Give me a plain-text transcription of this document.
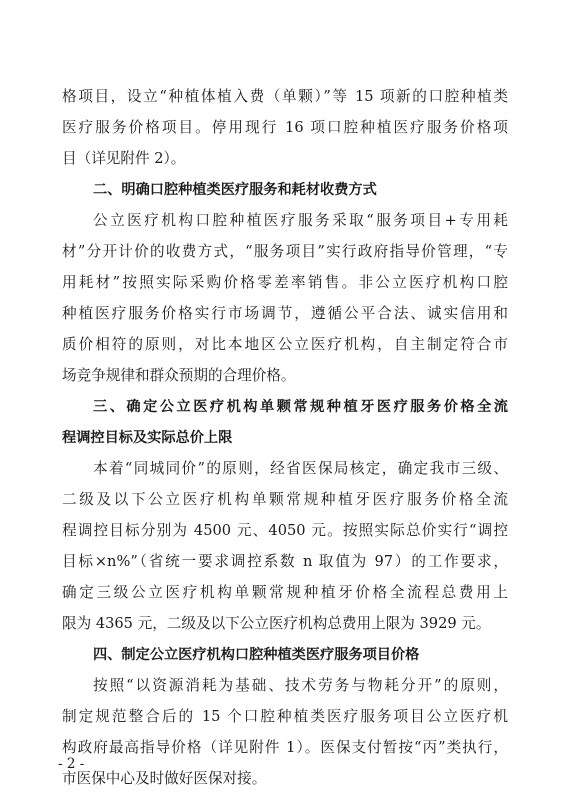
格项目，设立“种植体植入费（单颗）”等 15 项新的口腔种植类
医疗服务价格项目。停用现行 16 项口腔种植医疗服务价格项
目（详见附件 2）。
二、明确口腔种植类医疗服务和耗材收费方式
公立医疗机构口腔种植医疗服务采取“服务项目+专用耗
材”分开计价的收费方式，“服务项目”实行政府指导价管理，“专
用耗材”按照实际采购价格零差率销售。非公立医疗机构口腔
种植医疗服务价格实行市场调节，遵循公平合法、诚实信用和
质价相符的原则，对比本地区公立医疗机构，自主制定符合市
场竞争规律和群众预期的合理价格。
三、确定公立医疗机构单颗常规种植牙医疗服务价格全流
程调控目标及实际总价上限
本着“同城同价”的原则，经省医保局核定，确定我市三级、
二级及以下公立医疗机构单颗常规种植牙医疗服务价格全流
程调控目标分别为 4500 元、4050 元。按照实际总价实行“调控
目标×n%”（省统一要求调控系数 n 取值为 97）的工作要求，
确定三级公立医疗机构单颗常规种植牙价格全流程总费用上
限为 4365 元，二级及以下公立医疗机构总费用上限为 3929 元。
四、制定公立医疗机构口腔种植类医疗服务项目价格
按照“以资源消耗为基础、技术劳务与物耗分开”的原则，
制定规范整合后的 15 个口腔种植类医疗服务项目公立医疗机
构政府最高指导价格（详见附件 1）。医保支付暂按“丙”类执行，
市医保中心及时做好医保对接。
- 2 -
